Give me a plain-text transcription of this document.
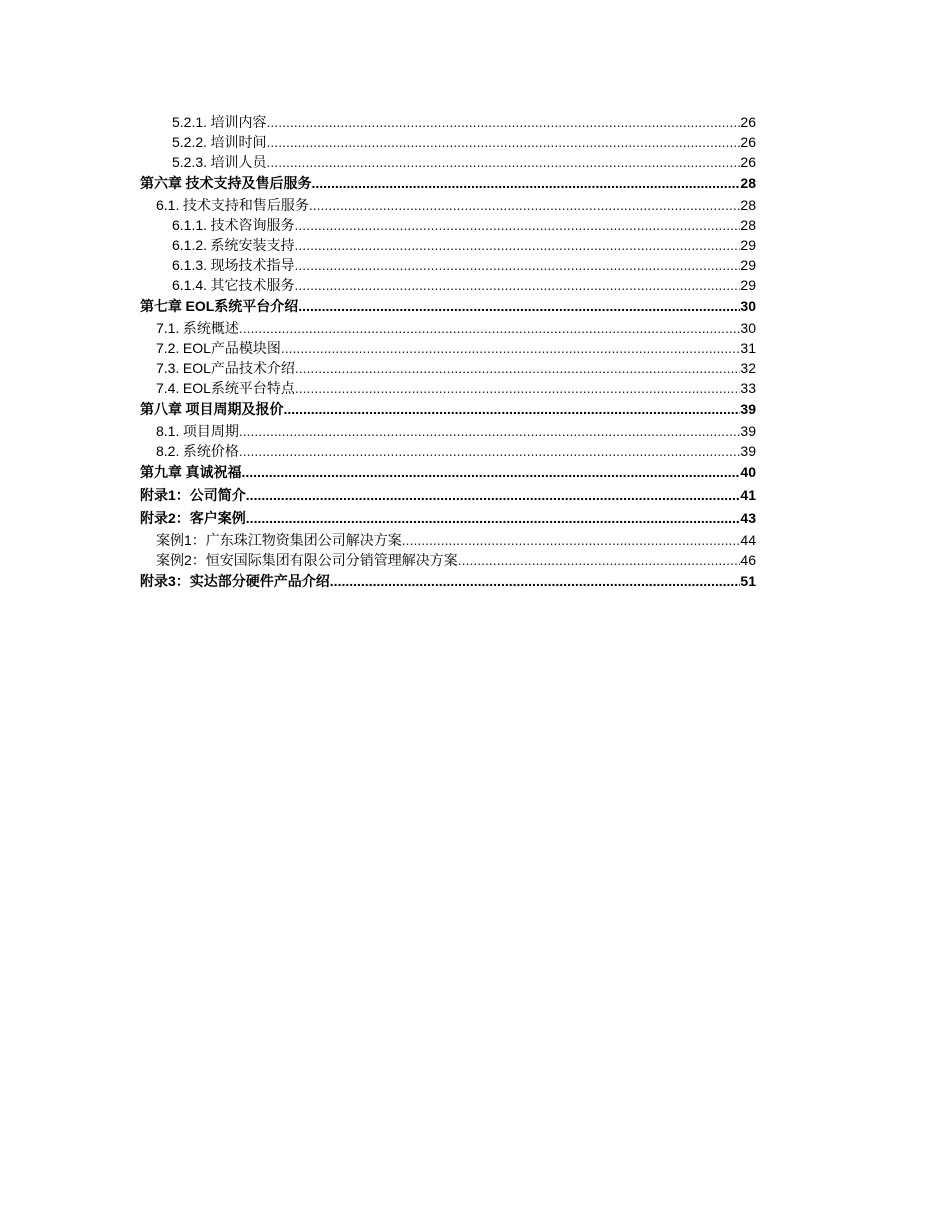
5.2.1. 培训内容 .....	26
5.2.2. 培训时间 .....	26
5.2.3. 培训人员 .....	26
第六章 技术支持及售后服务 .....	28
6.1. 技术支持和售后服务 .....	28
6.1.1. 技术咨询服务 .....	28
6.1.2. 系统安装支持 .....	29
6.1.3. 现场技术指导 .....	29
6.1.4. 其它技术服务 .....	29
第七章 EOL系统平台介绍 .....	30
7.1. 系统概述 .....	30
7.2. EOL产品模块图 .....	31
7.3. EOL产品技术介绍 .....	32
7.4. EOL系统平台特点 .....	33
第八章 项目周期及报价 .....	39
8.1. 项目周期 .....	39
8.2. 系统价格 .....	39
第九章 真诚祝福 .....	40
附录1：公司简介 .....	41
附录2：客户案例 .....	43
案例1：广东珠江物资集团公司解决方案 .....	44
案例2：恒安国际集团有限公司分销管理解决方案 .....	46
附录3：实达部分硬件产品介绍 .....	51
